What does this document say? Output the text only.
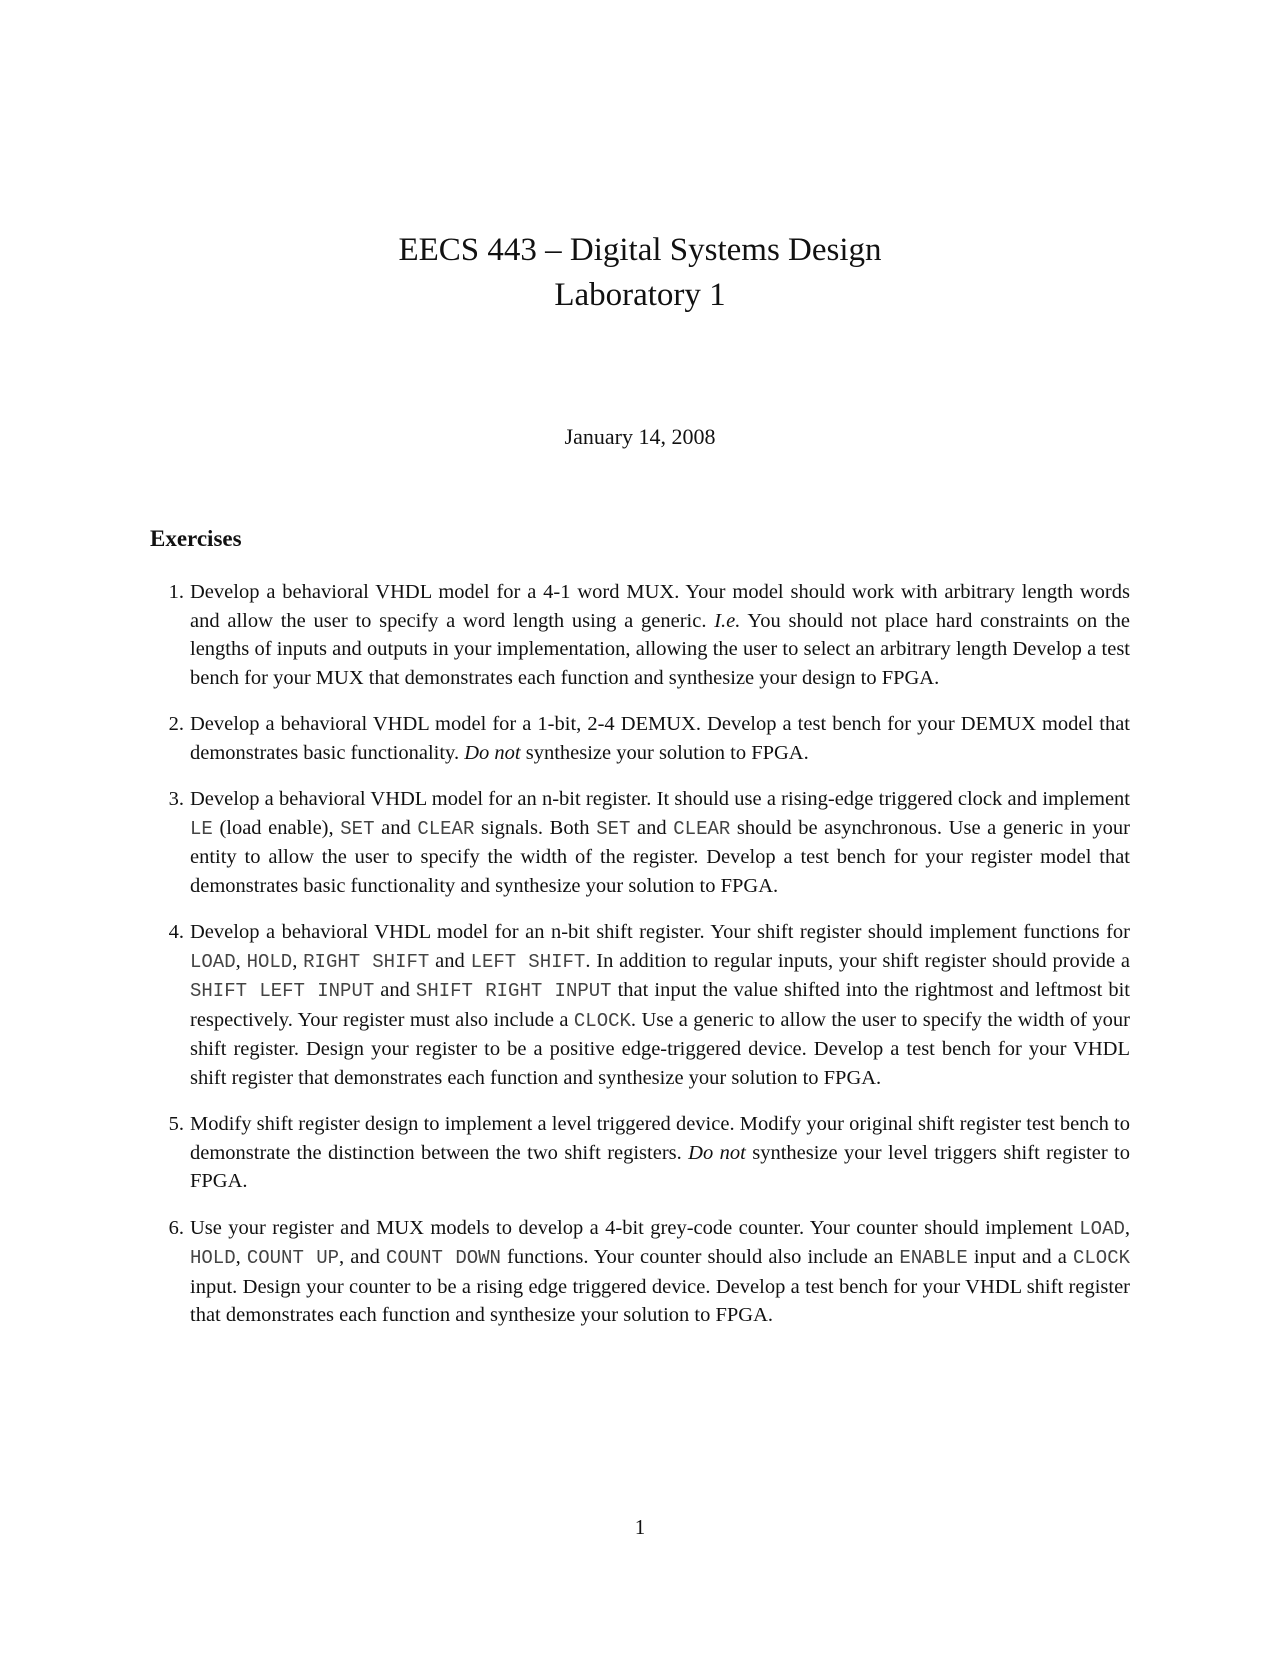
EECS 443 – Digital Systems Design
Laboratory 1
January 14, 2008
Exercises
1. Develop a behavioral VHDL model for a 4-1 word MUX. Your model should work with arbitrary length words and allow the user to specify a word length using a generic. I.e. You should not place hard constraints on the lengths of inputs and outputs in your implementation, allowing the user to select an arbitrary length Develop a test bench for your MUX that demonstrates each function and synthesize your design to FPGA.
2. Develop a behavioral VHDL model for a 1-bit, 2-4 DEMUX. Develop a test bench for your DEMUX model that demonstrates basic functionality. Do not synthesize your solution to FPGA.
3. Develop a behavioral VHDL model for an n-bit register. It should use a rising-edge triggered clock and implement LE (load enable), SET and CLEAR signals. Both SET and CLEAR should be asynchronous. Use a generic in your entity to allow the user to specify the width of the register. Develop a test bench for your register model that demonstrates basic functionality and synthesize your solution to FPGA.
4. Develop a behavioral VHDL model for an n-bit shift register. Your shift register should implement functions for LOAD, HOLD, RIGHT SHIFT and LEFT SHIFT. In addition to regular inputs, your shift register should provide a SHIFT LEFT INPUT and SHIFT RIGHT INPUT that input the value shifted into the rightmost and leftmost bit respectively. Your register must also include a CLOCK. Use a generic to allow the user to specify the width of your shift register. Design your register to be a positive edge-triggered device. Develop a test bench for your VHDL shift register that demonstrates each function and synthesize your solution to FPGA.
5. Modify shift register design to implement a level triggered device. Modify your original shift register test bench to demonstrate the distinction between the two shift registers. Do not synthesize your level triggers shift register to FPGA.
6. Use your register and MUX models to develop a 4-bit grey-code counter. Your counter should implement LOAD, HOLD, COUNT UP, and COUNT DOWN functions. Your counter should also include an ENABLE input and a CLOCK input. Design your counter to be a rising edge triggered device. Develop a test bench for your VHDL shift register that demonstrates each function and synthesize your solution to FPGA.
1
